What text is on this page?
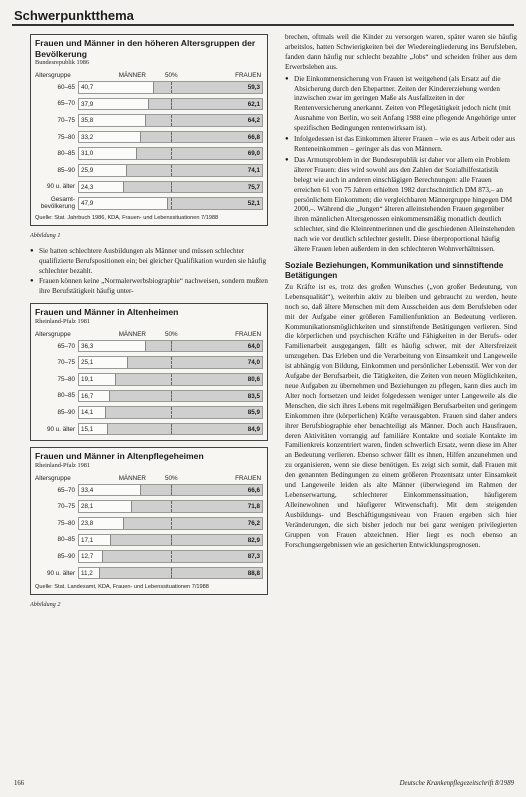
Schwerpunktthema
Frauen und Männer in den höheren Altersgruppen der Bevölkerung
Bundesrepublik 1986
Altersgruppe	MÄNNER	50%	FRAUEN
60–65 40,7	59,3
65–70 37,9	62,1
70–75 35,8	64,2
75–80 33,2	66,8
80–85 31,0	69,0
85–90 25,9	74,1
90 u. älter 24,3	75,7
Gesamt-bevölkerung 47,9	52,1
Quelle: Stat. Jahrbuch 1986, KDA, Frauen- und Lebenssituationen 7/1988
Abbildung 1
● Sie hatten schlechtere Ausbildungen als Männer und müssen schlechter qualifizierte Berufspositionen ein; bei gleicher Qualifikation wurden sie häufig schlechter bezahlt.
● Frauen können keine „Normalerwerbsbiographie“ nachweisen, sondern mußten ihre Berufstätigkeit häufig unter-
Frauen und Männer in Altenheimen
Rheinland-Pfalz 1981
Altersgruppe	MÄNNER	50%	FRAUEN
65–70 36,3	64,0
70–75 25,1	74,0
75–80 19,1	80,6
80–85 16,7	83,5
85–90 14,1	85,9
90 u. älter 15,1	84,9
Frauen und Männer in Altenpflegeheimen
Rheinland-Pfalz 1981
Altersgruppe	MÄNNER	50%	FRAUEN
65–70 33,4	66,6
70–75 28,1	71,8
75–80 23,8	76,2
80–85 17,1	82,9
85–90 12,7	87,3
90 u. älter 11,2	88,8
Quelle: Stat. Landesamt, KDA, Frauen- und Lebenssituationen 7/1988
Abbildung 2

brechen, oftmals weil die Kinder zu versorgen waren, später waren sie häufig arbeitslos, hatten Schwierigkeiten bei der Wiedereingliederung ins Berufsleben, fanden dann häufig nur schlecht bezahlte „Jobs“ und scheiden früher aus dem Erwerbsleben aus.

● Die Einkommensicherung von Frauen ist weitgehend (als Ersatz auf die Absicherung durch den Ehepartner. Zeiten der Kindererziehung werden inzwischen zwar im geringen Maße als Ausfallzeiten in der Rentenversicherung anerkannt. Zeiten von Pflegetätigkeit jedoch nicht (mit Ausnahme von Berlin, wo seit Anfang 1988 eine pflegende Angehörige unter spezifischen Bedingungen rentenwirksam ist).
● Infolgedessen ist das Einkommen älterer Frauen – wie es aus Arbeit oder aus Renteneinkommen – geringer als das von Männern.
● Das Armutsproblem in der Bundesrepublik ist daher vor allem ein Problem älterer Frauen: dies wird sowohl aus den Zahlen der Sozialhilfestatistik belegt wie auch in anderen einschlägigen Berechnungen: alle Frauen erreichen 61 von 75 Jahren erhielten 1982 durchschnittlich DM 873,– an persönlichem Einkommen; die vergleichbaren Männergruppe hingegen DM 2000,–. Während die „Jungen“ älteren alleinstehenden Frauen gegenüber ihren männlichen Altersgenossen einkommensmäßig monatlich deutlich schlechter, sind die Kleinrentnerinnen und die geschiedenen Alleinstehenden nach wie vor deutlich schlechter gestellt. Diese überproportional häufig ältere Frauen leben außerdem in den schlechteren Wohnverhältnissen.
Soziale Beziehungen, Kommunikation und sinnstiftende Betätigungen

Zu Kräfte ist es, trotz des großen Wunsches („von großer Bedeutung, von Lebensqualität“), weiterhin aktiv zu bleiben und gebraucht zu werden, heute noch so, daß ältere Menschen mit dem Ausscheiden aus dem Berufsleben oder mit der Aufgabe einer größeren Familienfunktion an Bedeutung verlieren. Kommunikationsmöglichkeiten und sinnstiftende Betätigungen verlieren. Sind die körperlichen und psychischen Kräfte und Fähigkeiten in der Berufs- oder Familienarbeit ausgegangen, fällt es häufig schwer, mit der Altersfreizeit umzugehen. Das Erleben und die Verarbeitung von Einsamkeit und Langeweile ist abhängig von Bildung, Einkommen und persönlicher Lebensstil. Wer von der Aufgabe der Berufsarbeit, die Tätigkeiten, die Zeiten von neuen Möglichkeiten, neue Aufgaben zu übernehmen und Beziehungen zu pflegen, kann dies auch im Alter noch fortsetzen und leidet folgedessen weniger unter Langeweile als die Menschen, die sich ihres Lebens mit regelmäßigen Berufsarbeiten und geringem Einkommen ihre (körperlichen) Kräfte verausgabten. Frauen sind daher anders ihrer Berufsbiographie eher benachteiligt als Männer. Doch auch Hausfrauen, deren Aktivitäten vorrangig auf familiäre Kontakte und soziale Kontakte im Familienkreis konzentriert waren, finden schwerlich Ersatz, wenn diese im Alter an Bedeutung verlieren. Ebenso schwer fällt es ihnen, Hilfen anzunehmen und zu organisieren, wenn sie diese benötigen. Es zeigt sich somit, daß Frauen mit den genannten Bedingungen zu einem größeren Prozentsatz unter Einsamkeit und Langeweile leiden als alte Männer (überwiegend im Rahmen der Lebenserwartung, schlechterer Einkommenssituation, häufigerem Alleinewohnen und häufigerer Witwenschaft). Mit dem steigenden Ausbildungs- und Beschäftigungsniveau von Frauen ergeben sich hier Veränderungen, die sich bisher jedoch nur bei ganz wenigen privilegierten Gruppen von Frauen abzeichnen. Hier liegt es noch ebenso an Forschungsergebnissen wie an gesicherten Entwicklungsprognosen.

166	Deutsche Krankenpflegezeitschrift 8/1989
